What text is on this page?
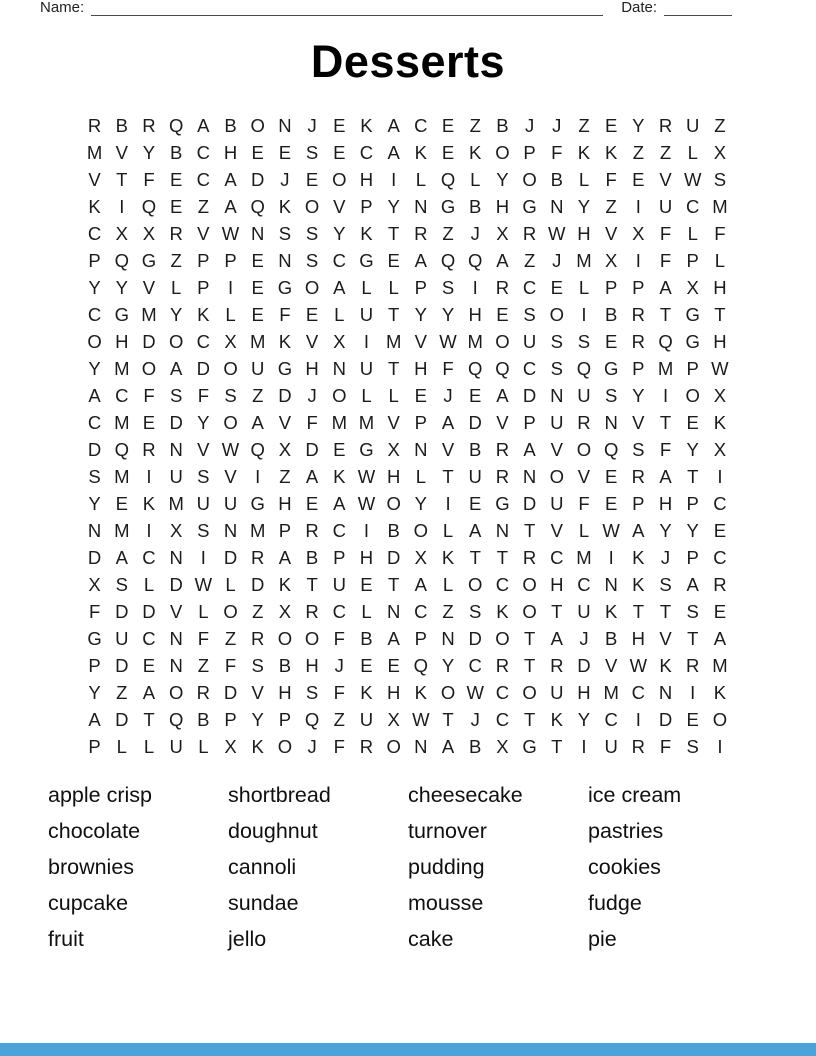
Name:	Date:
Desserts
R B R Q A B O N J E K A C E Z B J J Z E Y R U Z
M V Y B C H E E S E C A K E K O P F K K Z Z L X
V T F E C A D J E O H I	L Q L Y O B L F E V W S
K I Q E Z A Q K O V P Y N G B H G N Y Z	I U C M
C X X R V W N S S Y K T R Z J X R W H V X F L F
P Q G Z P P E N S C G E A Q Q A Z J M X I	F P L
Y Y V L P I E G O A L L P S I R C E L P P A X H
C G M Y K L E F E L U T Y Y H E S O I B R T G T
O H D O C X M K V X I M V W M O U S S E R Q G H
Y M O A D O U G H N U T H F Q Q C S Q G P M P W
A C F S F S Z D J O L L E J E A D N U S Y I O X
C M E D Y O A V F M M V P A D V P U R N V T E K
D Q R N V W Q X D E G X N V B R A V O Q S F Y X
S M I U S V I	Z A K W H L T U R N O V E R A T	I
Y E K M U U G H E A W O Y I E G D U F E P H P C
N M I X S N M P R C I B O L A N T V L W A Y Y E
D A C N I D R A B P H D X K T T R C M I K J P C
X S L D W L D K T U E T A L O C O H C N K S A R
F D D V L O Z X R C L N C Z S K O T U K T T S E
G U C N F Z R O O F B A P N D O T A J B H V T A
P D E N Z F S B H J E E Q Y C R T R D V W K R M
Y Z A O R D V H S F K H K O W C O U H M C N I K
A D T Q B P Y P Q Z U X W T J C T K Y C I D E O
P L L U L X K O J F R O N A B X G T	I U R F S I
apple crisp
chocolate
brownies
cupcake
fruit
shortbread
doughnut
cannoli
sundae
jello
cheesecake
turnover
pudding
mousse
cake
ice cream
pastries
cookies
fudge
pie
